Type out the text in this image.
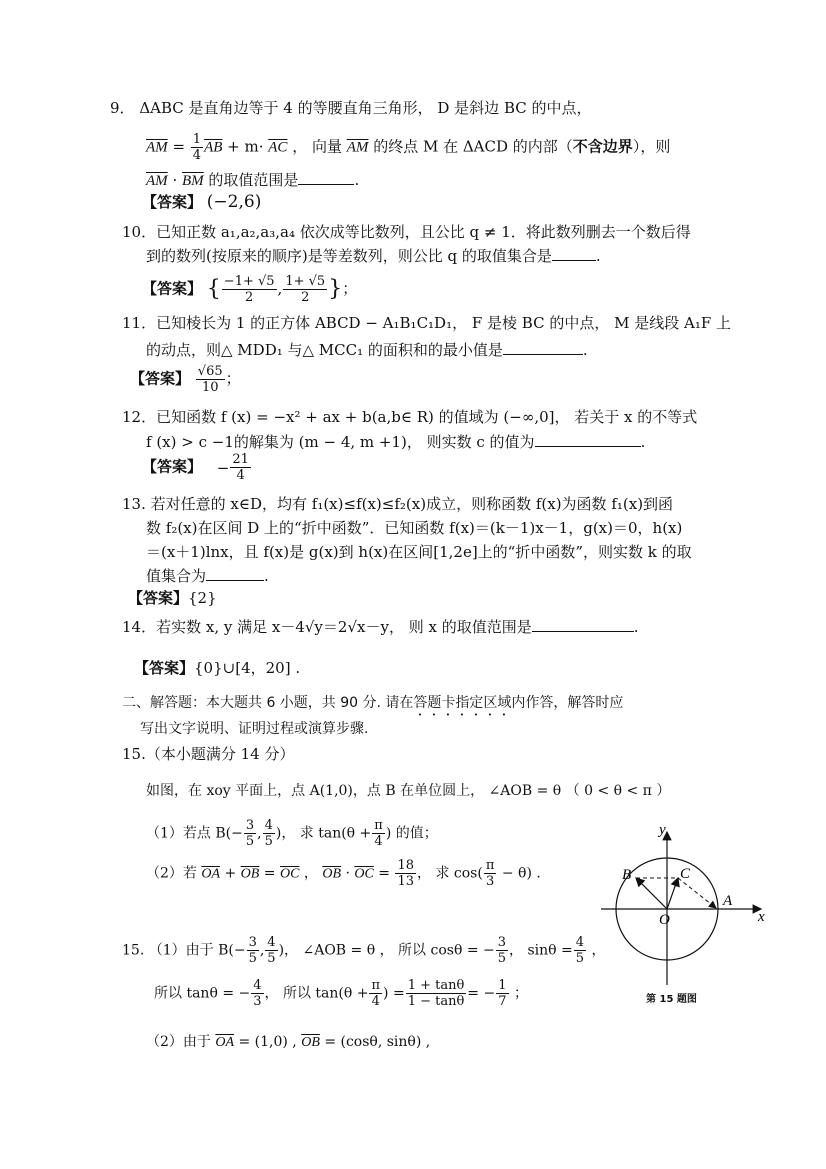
9． ΔABC 是直角边等于 4 的等腰直角三角形， D 是斜边 BC 的中点，
$\overline{AM} = \frac{1}{4} \overline{AB} + m\cdot \overline{AC}$ ， 向量 $\overline{AM}$ 的终点 M 在 ΔACD 的内部（不含边界），则
$\overline{AM} \cdot \overline{BM}$ 的取值范围是	.
【答案】 (−2,6)
10．已知正数 a₁,a₂,a₃,a₄ 依次成等比数列，且公比 q ≠ 1．将此数列删去一个数后得
到的数列(按原来的顺序)是等差数列，则公比 q 的取值集合是	.
【答案】 { $\frac{-1+ √5}{2}$ , $\frac{1+ √5}{2}$ }；
11．已知棱长为 1 的正方体 ABCD − A₁B₁C₁D₁， F 是棱 BC 的中点， M 是线段 A₁F 上
的动点，则△ MDD₁ 与△ MCC₁ 的面积和的最小值是	.
【答案】 $\frac{√65}{10}$ ；
12．已知函数 f (x) = −x² + ax + b(a,b∈ R) 的值域为 (−∞,0]， 若关于 x 的不等式
f (x) > c −1的解集为 (m − 4, m +1)， 则实数 c 的值为	.
【答案】 − $\frac{21}{4}$
13. 若对任意的 x∈D，均有 f₁(x)≤f(x)≤f₂(x)成立，则称函数 f(x)为函数 f₁(x)到函
数 f₂(x)在区间 D 上的“折中函数”．已知函数 f(x)＝(k－1)x－1，g(x)＝0，h(x)
＝(x＋1)lnx，且 f(x)是 g(x)到 h(x)在区间[1,2e]上的“折中函数”，则实数 k 的取
值集合为	.
【答案】{2}
14．若实数 x, y 满足 x－4√y＝2√x－y， 则 x 的取值范围是	.
【答案】{0}∪[4，20] .
二、解答题：本大题共 6 小题，共 90 分. 请在答题卡指定区域内作答，解答时应
写出文字说明、证明过程或演算步骤.
15.（本小题满分 14 分）
如图，在 xoy 平面上，点 A(1,0)，点 B 在单位圆上， ∠AOB = θ （ 0 < θ < π ）
（1）若点 $B(- \frac{3}{5}$ , $\frac{4}{5}$ )， 求 $\tan(\theta + \frac{\pi}{4}$ ) 的值；
（2）若 $\overline{OA} + \overline{OB} = \overline{OC}$ ， $\overline{OB} \cdot \overline{OC} = \frac{18}{13}$ ， 求 $\cos( \frac{\pi}{3} - \theta)$ .
y
x
B	C
A
O
第 15 题图
15. （1）由于 $B(- \frac{3}{5}$ , $\frac{4}{5}$ )， ∠AOB = θ ， 所以 cosθ = − $\frac{3}{5}$ ， $\sin\theta = \frac{4}{5}$ ，
所以 tanθ = − $\frac{4}{3}$ ， 所以 $\tan(\theta + \frac{\pi}{4}$ ) = $\frac{1 + \tan\theta}{1 - \tan\theta}$ = − $\frac{1}{7}$ ；
（2）由于 $\overline{OA} = (1,0)$ , $\overline{OB} = (\cos\theta$, sinθ) ,
